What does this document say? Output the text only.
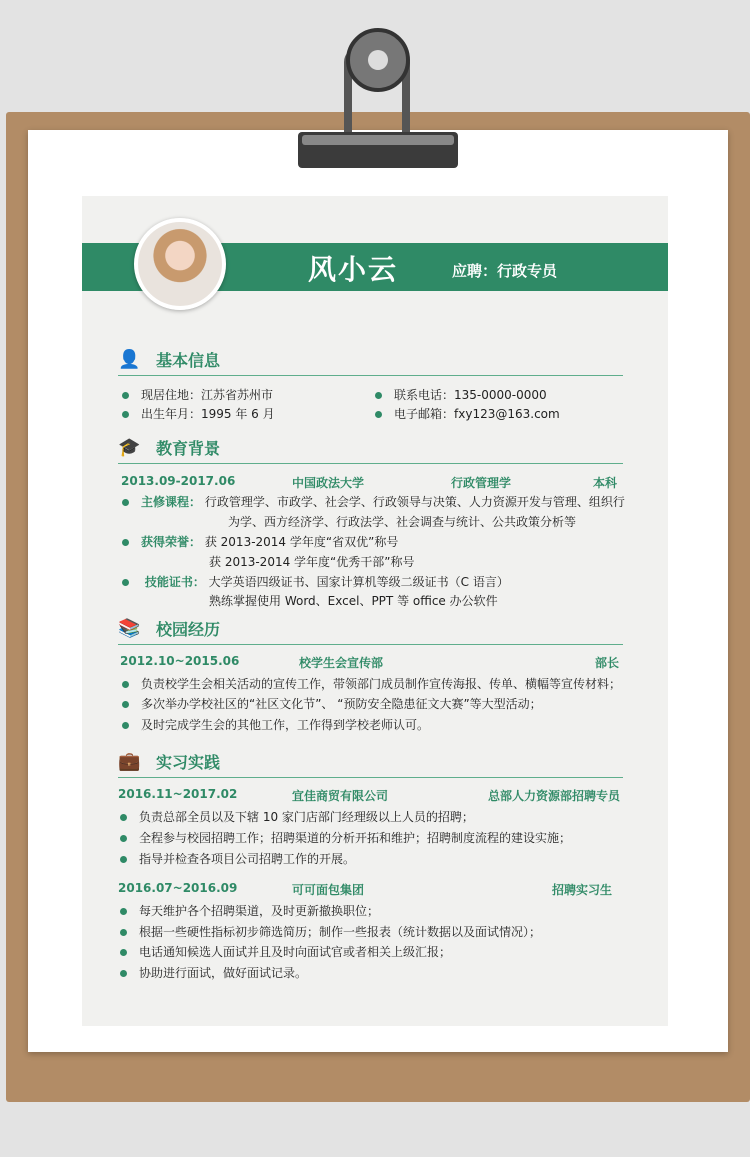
风小云	应聘：行政专员
👤 基本信息
现居住地：江苏省苏州市	联系电话：135-0000-0000
出生年月：1995 年 6 月	电子邮箱：fxy123@163.com
🎓 教育背景
2013.09-2017.06	中国政法大学	行政管理学	本科
主修课程： 行政管理学、市政学、社会学、行政领导与决策、人力资源开发与管理、组织行
为学、西方经济学、行政法学、社会调查与统计、公共政策分析等
获得荣誉： 获 2013-2014 学年度“省双优”称号
获 2013-2014 学年度“优秀干部”称号
技能证书： 大学英语四级证书、国家计算机等级二级证书（C 语言）
熟练掌握使用 Word、Excel、PPT 等 office 办公软件
📚 校园经历
2012.10~2015.06	校学生会宣传部	部长
负责校学生会相关活动的宣传工作，带领部门成员制作宣传海报、传单、横幅等宣传材料；
多次举办学校社区的“社区文化节”、 “预防安全隐患征文大赛”等大型活动；
及时完成学生会的其他工作，工作得到学校老师认可。
💼 实习实践
2016.11~2017.02	宜佳商贸有限公司	总部人力资源部招聘专员
负责总部全员以及下辖 10 家门店部门经理级以上人员的招聘；
全程参与校园招聘工作；招聘渠道的分析开拓和维护；招聘制度流程的建设实施；
指导并检查各项目公司招聘工作的开展。
2016.07~2016.09	可可面包集团	招聘实习生
每天维护各个招聘渠道，及时更新撤换职位；
根据一些硬性指标初步筛选简历；制作一些报表（统计数据以及面试情况）；
电话通知候选人面试并且及时向面试官或者相关上级汇报；
协助进行面试，做好面试记录。
